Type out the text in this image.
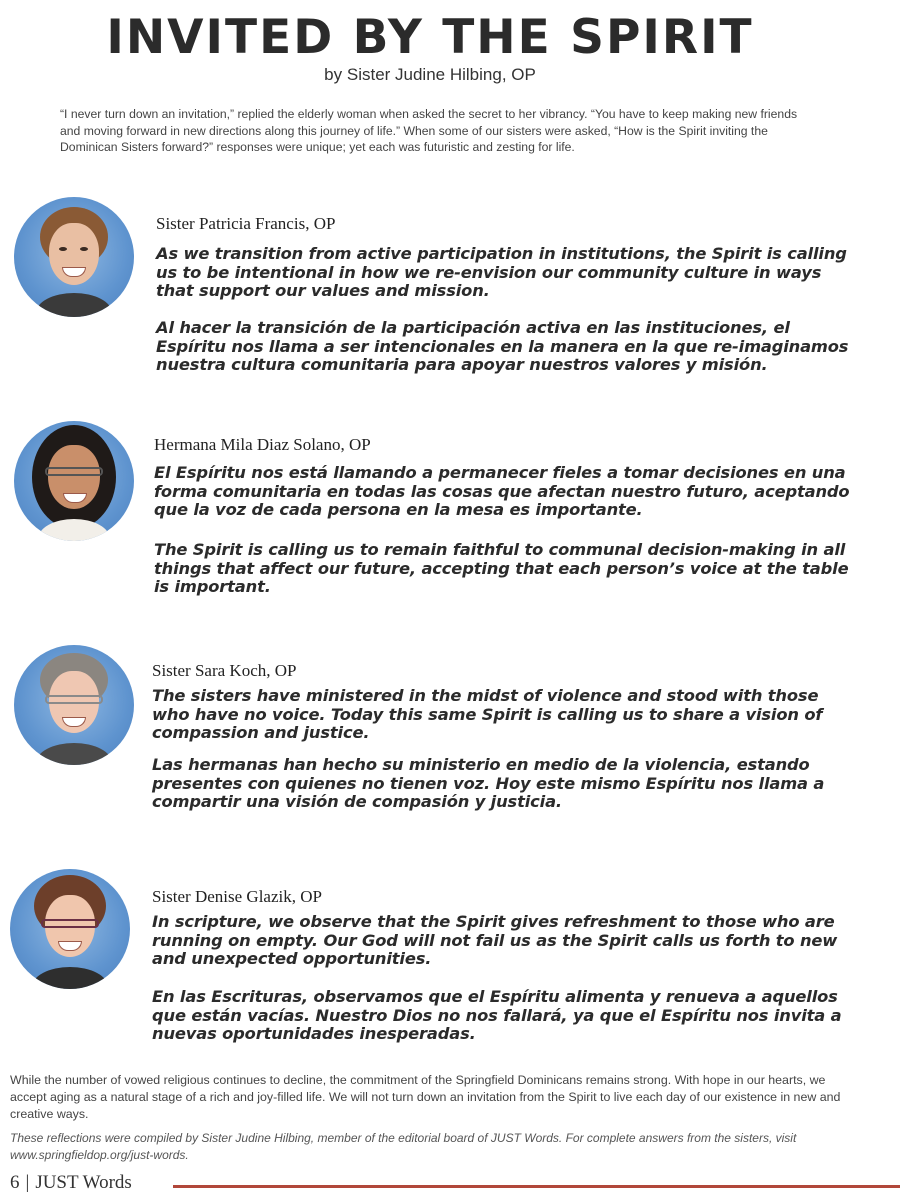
INVITED BY THE SPIRIT
by Sister Judine Hilbing, OP
“I never turn down an invitation,” replied the elderly woman when asked the secret to her vibrancy. “You have to keep making new friends and moving forward in new directions along this journey of life.” When some of our sisters were asked, “How is the Spirit inviting the Dominican Sisters forward?” responses were unique; yet each was futuristic and zesting for life.
Sister Patricia Francis, OP
As we transition from active participation in institutions, the Spirit is calling us to be intentional in how we re-envision our community culture in ways that support our values and mission.
Al hacer la transición de la participación activa en las instituciones, el Espíritu nos llama a ser intencionales en la manera en la que re-imaginamos nuestra cultura comunitaria para apoyar nuestros valores y misión.
Hermana Mila Diaz Solano, OP
El Espíritu nos está llamando a permanecer fieles a tomar decisiones en una forma comunitaria en todas las cosas que afectan nuestro futuro, aceptando que la voz de cada persona en la mesa es importante.
The Spirit is calling us to remain faithful to communal decision-making in all things that affect our future, accepting that each person’s voice at the table is important.
Sister Sara Koch, OP
The sisters have ministered in the midst of violence and stood with those who have no voice. Today this same Spirit is calling us to share a vision of compassion and justice.
Las hermanas han hecho su ministerio en medio de la violencia, estando presentes con quienes no tienen voz. Hoy este mismo Espíritu nos llama a compartir una visión de compasión y justicia.
Sister Denise Glazik, OP
In scripture, we observe that the Spirit gives refreshment to those who are running on empty. Our God will not fail us as the Spirit calls us forth to new and unexpected opportunities.
En las Escrituras, observamos que el Espíritu alimenta y renueva a aquellos que están vacías. Nuestro Dios no nos fallará, ya que el Espíritu nos invita a nuevas oportunidades inesperadas.
While the number of vowed religious continues to decline, the commitment of the Springfield Dominicans remains strong. With hope in our hearts, we accept aging as a natural stage of a rich and joy-filled life. We will not turn down an invitation from the Spirit to live each day of our existence in new and creative ways.
These reflections were compiled by Sister Judine Hilbing, member of the editorial board of JUST Words. For complete answers from the sisters, visit www.springfieldop.org/just-words.
6 | JUST Words
